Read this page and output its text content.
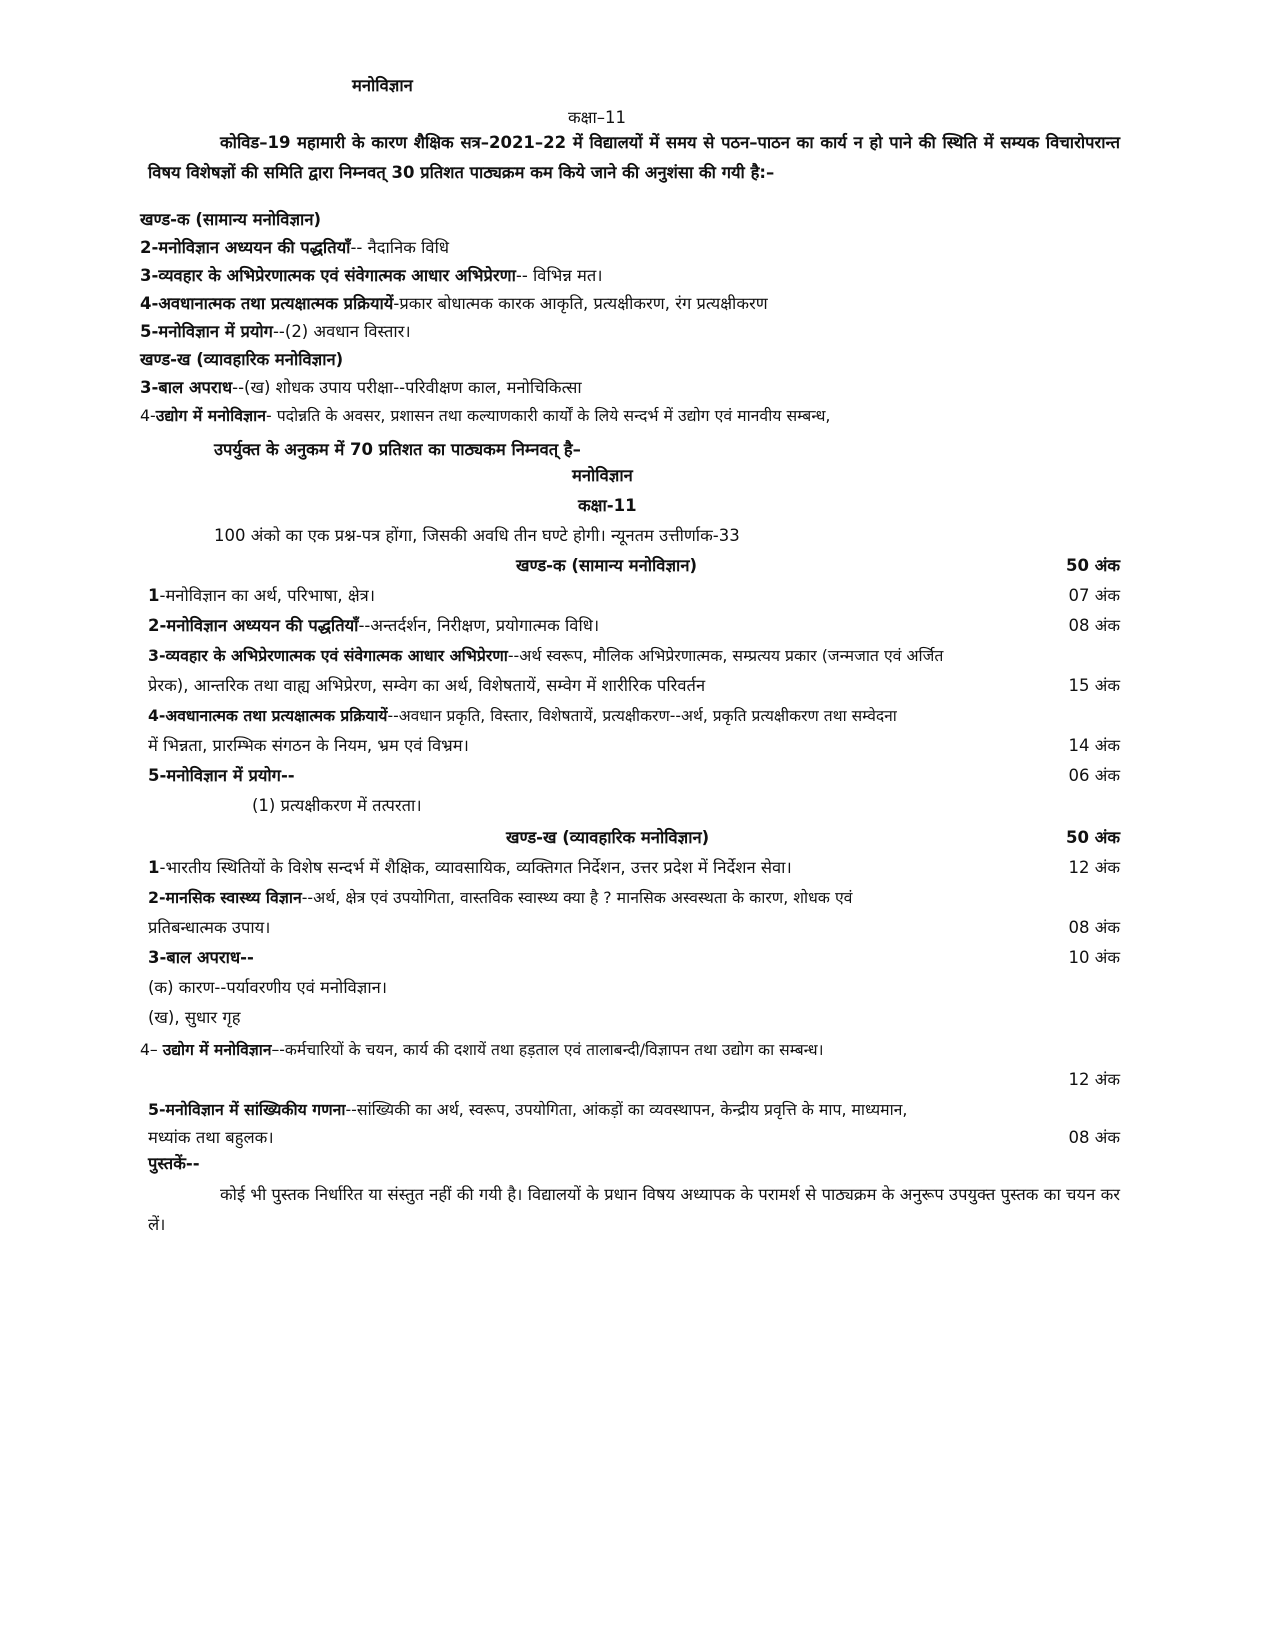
मनोविज्ञान
कक्षा–11
कोविड–19 महामारी के कारण शैक्षिक सत्र–2021–22 में विद्यालयों में समय से पठन–पाठन का कार्य न हो पाने की स्थिति में सम्यक विचारोपरान्त विषय विशेषज्ञों की समिति द्वारा निम्नवत् 30 प्रतिशत पाठ्यक्रम कम किये जाने की अनुशंसा की गयी है:–
खण्ड-क (सामान्य मनोविज्ञान)
2-मनोविज्ञान अध्ययन की पद्धतियाँ-- नैदानिक विधि
3-व्यवहार के अभिप्रेरणात्मक एवं संवेगात्मक आधार अभिप्रेरणा-- विभिन्न मत।
4-अवधानात्मक तथा प्रत्यक्षात्मक प्रक्रियायें-प्रकार बोधात्मक कारक आकृति, प्रत्यक्षीकरण, रंग प्रत्यक्षीकरण
5-मनोविज्ञान में प्रयोग--(2) अवधान विस्तार।
खण्ड-ख (व्यावहारिक मनोविज्ञान)
3-बाल अपराध--(ख) शोधक उपाय परीक्षा--परिवीक्षण काल, मनोचिकित्सा
4-उद्योग में मनोविज्ञान- पदोन्नति के अवसर, प्रशासन तथा कल्याणकारी कार्यों के लिये सन्दर्भ में उद्योग एवं मानवीय सम्बन्ध,
उपर्युक्त के अनुकम में 70 प्रतिशत का पाठ्यकम निम्नवत् है–
मनोविज्ञान
कक्षा-11
100 अंको का एक प्रश्न-पत्र होंगा, जिसकी अवधि तीन घण्टे होगी। न्यूनतम उत्तीर्णाक-33
खण्ड-क (सामान्य मनोविज्ञान)	50 अंक
1-मनोविज्ञान का अर्थ, परिभाषा, क्षेत्र।	07 अंक
2-मनोविज्ञान अध्ययन की पद्धतियाँ--अन्तर्दर्शन, निरीक्षण, प्रयोगात्मक विधि।	08 अंक
3-व्यवहार के अभिप्रेरणात्मक एवं संवेगात्मक आधार अभिप्रेरणा--अर्थ स्वरूप, मौलिक अभिप्रेरणात्मक, सम्प्रत्यय प्रकार (जन्मजात एवं अर्जित
प्रेरक), आन्तरिक तथा वाह्य अभिप्रेरण, सम्वेग का अर्थ, विशेषतायें, सम्वेग में शारीरिक परिवर्तन	15 अंक
4-अवधानात्मक तथा प्रत्यक्षात्मक प्रक्रियायें--अवधान प्रकृति, विस्तार, विशेषतायें, प्रत्यक्षीकरण--अर्थ, प्रकृति प्रत्यक्षीकरण तथा सम्वेदना
में भिन्नता, प्रारम्भिक संगठन के नियम, भ्रम एवं विभ्रम।	14 अंक
5-मनोविज्ञान में प्रयोग--	06 अंक
(1) प्रत्यक्षीकरण में तत्परता।
खण्ड-ख (व्यावहारिक मनोविज्ञान)	50 अंक
1-भारतीय स्थितियों के विशेष सन्दर्भ में शैक्षिक, व्यावसायिक, व्यक्तिगत निर्देशन, उत्तर प्रदेश में निर्देशन सेवा।	12 अंक
2-मानसिक स्वास्थ्य विज्ञान--अर्थ, क्षेत्र एवं उपयोगिता, वास्तविक स्वास्थ्य क्या है ? मानसिक अस्वस्थता के कारण, शोधक एवं
प्रतिबन्धात्मक उपाय।	08 अंक
3-बाल अपराध--	10 अंक
(क) कारण--पर्यावरणीय एवं मनोविज्ञान।
(ख), सुधार गृह
4– उद्योग में मनोविज्ञान–-कर्मचारियों के चयन, कार्य की दशायें तथा हड़ताल एवं तालाबन्दी/विज्ञापन तथा उद्योग का सम्बन्ध।
12 अंक
5-मनोविज्ञान में सांख्यिकीय गणना--सांख्यिकी का अर्थ, स्वरूप, उपयोगिता, आंकड़ों का व्यवस्थापन, केन्द्रीय प्रवृत्ति के माप, माध्यमान,
मध्यांक तथा बहुलक।	08 अंक
पुस्तकें--
कोई भी पुस्तक निर्धारित या संस्तुत नहीं की गयी है। विद्यालयों के प्रधान विषय अध्यापक के परामर्श से पाठ्यक्रम के अनुरूप उपयुक्त पुस्तक का चयन कर लें।
